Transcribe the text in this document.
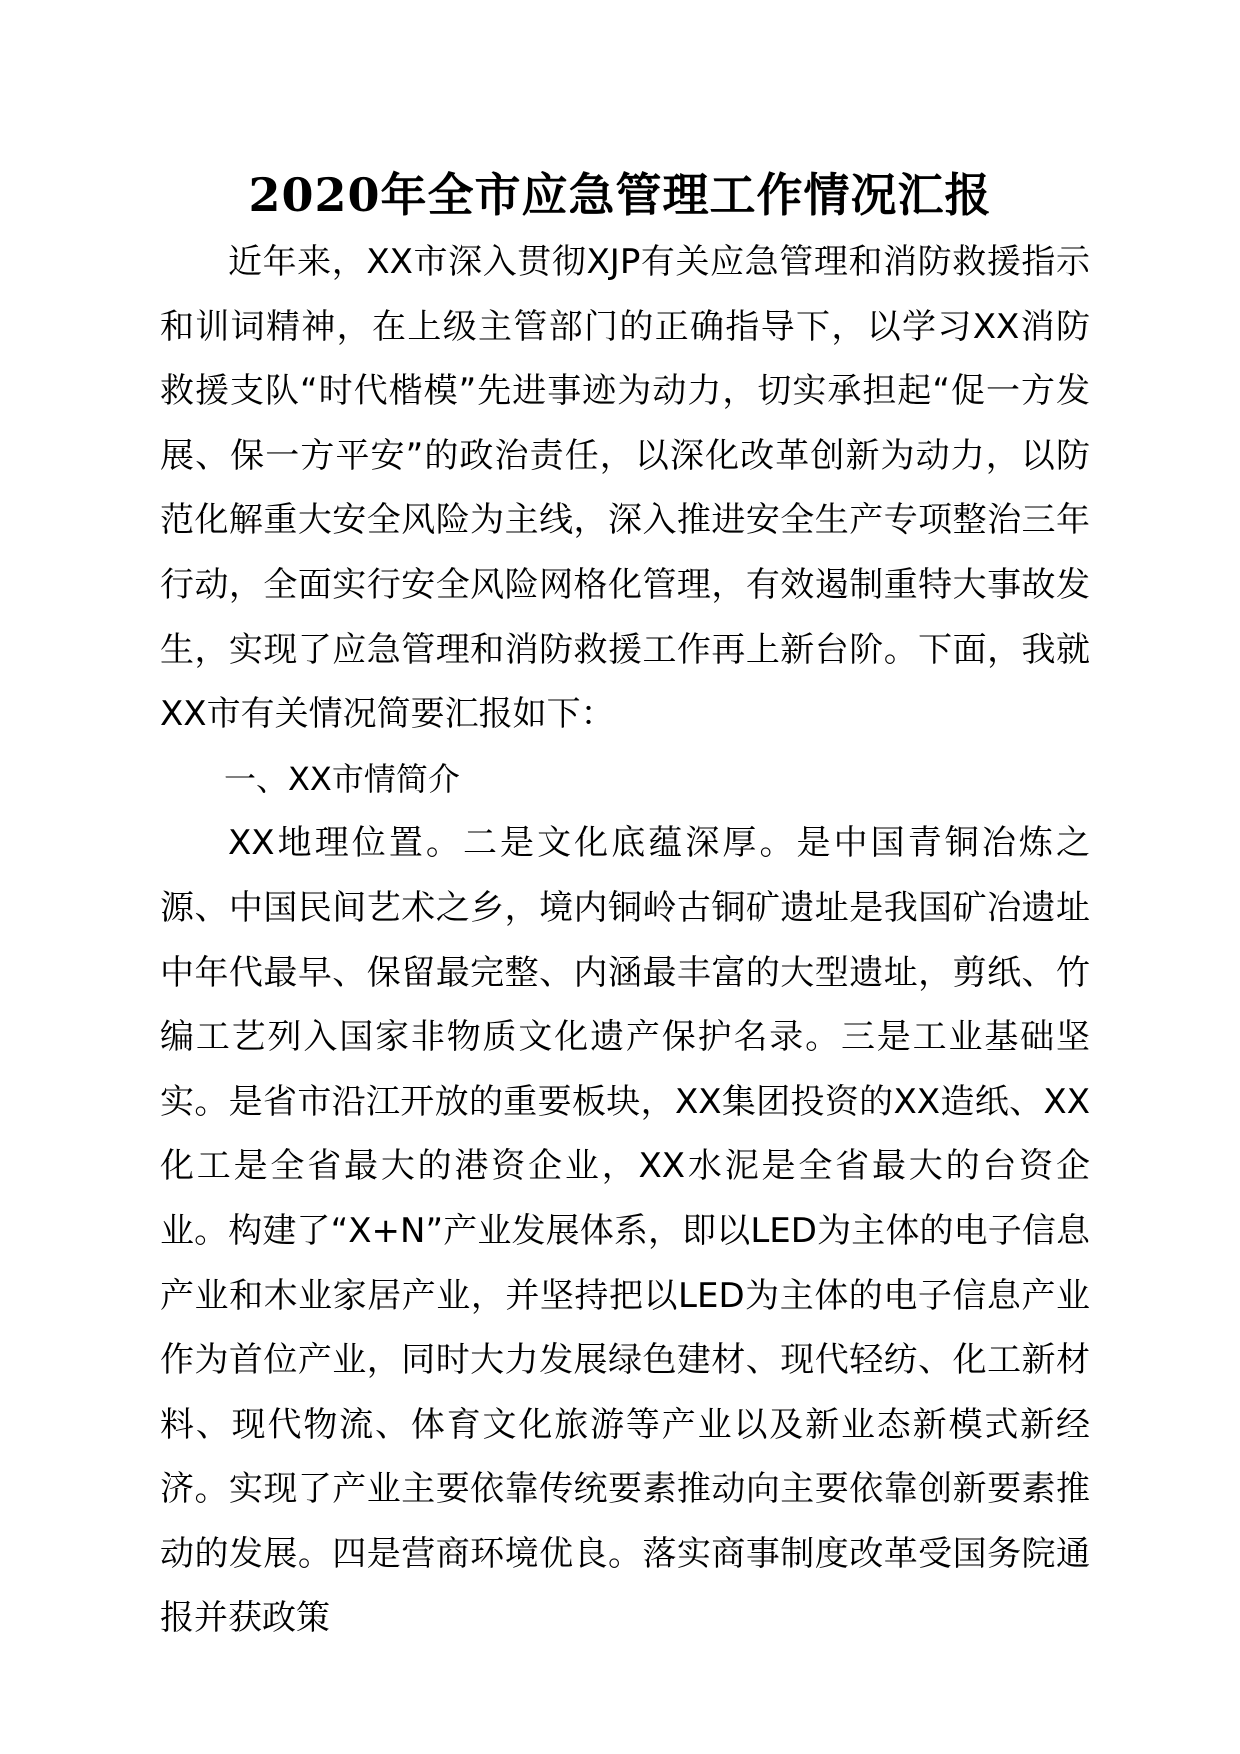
2020年全市应急管理工作情况汇报

近年来，XX市深入贯彻XJP有关应急管理和消防救援指示和训词精神，在上级主管部门的正确指导下，以学习XX消防救援支队“时代楷模”先进事迹为动力，切实承担起“促一方发展、保一方平安”的政治责任，以深化改革创新为动力，以防范化解重大安全风险为主线，深入推进安全生产专项整治三年行动，全面实行安全风险网格化管理，有效遏制重特大事故发生，实现了应急管理和消防救援工作再上新台阶。下面，我就XX市有关情况简要汇报如下：

一、XX市情简介

XX地理位置。二是文化底蕴深厚。是中国青铜冶炼之源、中国民间艺术之乡，境内铜岭古铜矿遗址是我国矿冶遗址中年代最早、保留最完整、内涵最丰富的大型遗址，剪纸、竹编工艺列入国家非物质文化遗产保护名录。三是工业基础坚实。是省市沿江开放的重要板块，XX集团投资的XX造纸、XX化工是全省最大的港资企业，XX水泥是全省最大的台资企业。构建了“X+N”产业发展体系，即以LED为主体的电子信息产业和木业家居产业，并坚持把以LED为主体的电子信息产业作为首位产业，同时大力发展绿色建材、现代轻纺、化工新材料、现代物流、体育文化旅游等产业以及新业态新模式新经济。实现了产业主要依靠传统要素推动向主要依靠创新要素推动的发展。四是营商环境优良。落实商事制度改革受国务院通报并获政策
